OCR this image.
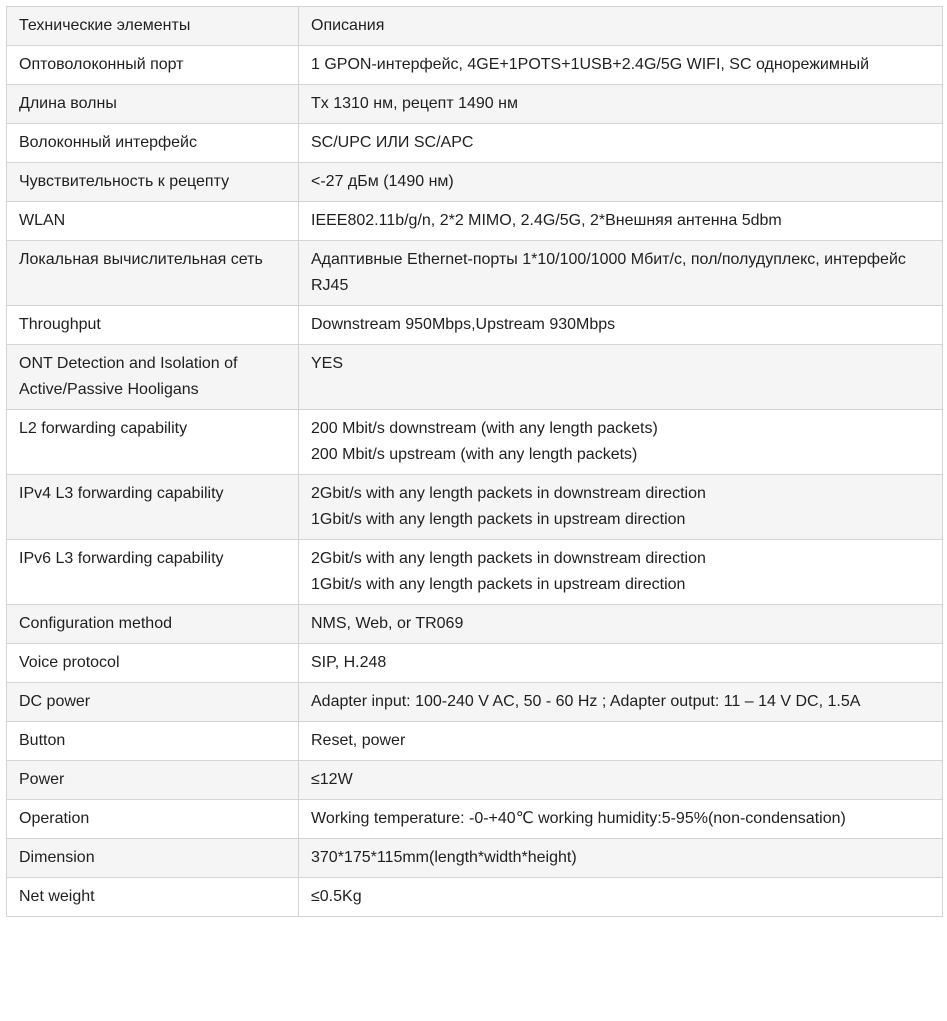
Технические элементы	Описания
Оптоволоконный порт	1 GPON-интерфейс, 4GE+1POTS+1USB+2.4G/5G WIFI, SC однорежимный

Длина волны	Tx 1310 нм, рецепт 1490 нм

Волоконный интерфейс	SC/UPC ИЛИ SC/APC

Чувствительность к рецепту	<-27 дБм (1490 нм)

WLAN	IEEE802.11b/g/n, 2*2 MIMO, 2.4G/5G, 2*Внешняя антенна 5dbm

Локальная вычислительная сеть	Адаптивные Ethernet-порты 1*10/100/1000 Мбит/с, пол/полудуплекс, интерфейс RJ45

Throughput	Downstream 950Mbps,Upstream 930Mbps

ONT Detection and Isolation of Active/Passive Hooligans	YES

L2 forwarding capability	200 Mbit/s downstream (with any length packets)
200 Mbit/s upstream (with any length packets)

IPv4 L3 forwarding capability	2Gbit/s with any length packets in downstream direction
1Gbit/s with any length packets in upstream direction

IPv6 L3 forwarding capability	2Gbit/s with any length packets in downstream direction
1Gbit/s with any length packets in upstream direction

Configuration method	NMS, Web, or TR069

Voice protocol	SIP, H.248

DC power	Adapter input: 100-240 V AC, 50 - 60 Hz ; Adapter output: 11 – 14 V DC, 1.5A

Button	Reset, power

Power	≤12W

Operation	Working temperature: -0-+40℃ working humidity:5-95%(non-condensation)

Dimension	370*175*115mm(length*width*height)

Net weight	≤0.5Kg
